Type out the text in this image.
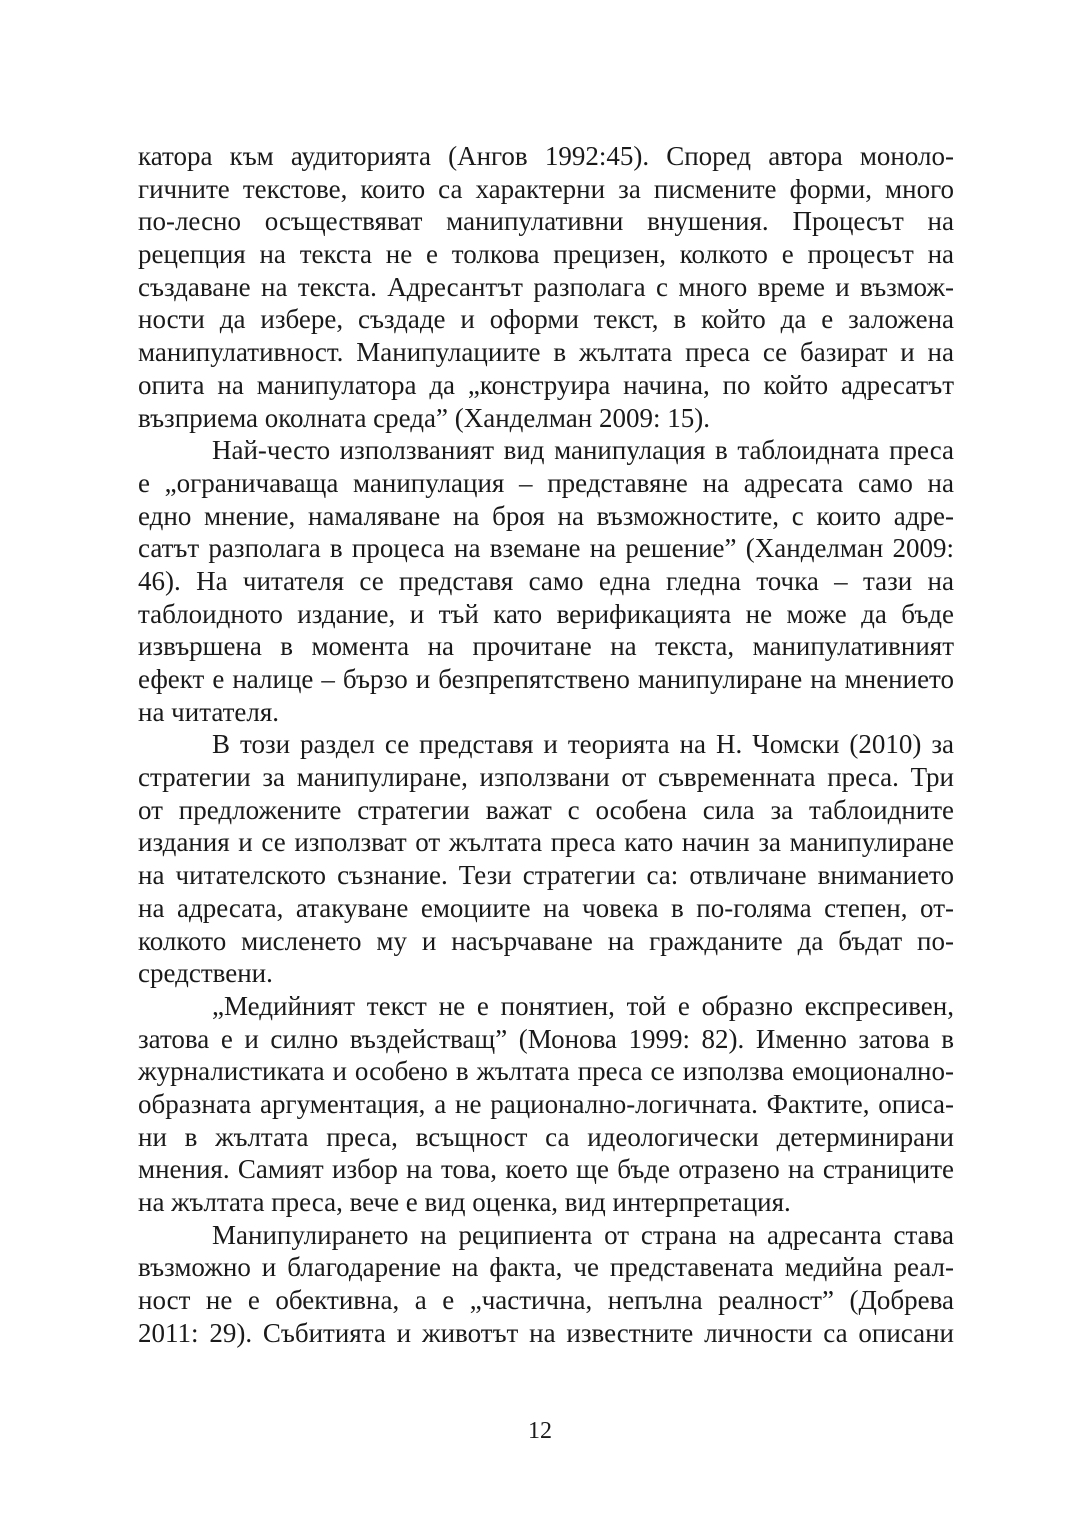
катора към аудиторията (Ангов 1992:45). Според автора моноло-
гичните текстове, които са характерни за писмените форми, много
по-лесно осъществяват манипулативни внушения. Процесът на
рецепция на текста не е толкова прецизен, колкото е процесът на
създаване на текста. Адресантът разполага с много време и възмож-
ности да избере, създаде и оформи текст, в който да е заложена
манипулативност. Манипулациите в жълтата преса се базират и на
опита на манипулатора да „конструира начина, по който адресатът
възприема околната среда” (Ханделман 2009: 15).
Най-често използваният вид манипулация в таблоидната преса
е „ограничаваща манипулация – представяне на адресата само на
едно мнение, намаляване на броя на възможностите, с които адре-
сатът разполага в процеса на вземане на решение” (Ханделман 2009:
46). На читателя се представя само една гледна точка – тази на
таблоидното издание, и тъй като верификацията не може да бъде
извършена в момента на прочитане на текста, манипулативният
ефект е налице – бързо и безпрепятствено манипулиране на мнението
на читателя.
В този раздел се представя и теорията на Н. Чомски (2010) за
стратегии за манипулиране, използвани от съвременната преса. Три
от предложените стратегии важат с особена сила за таблоидните
издания и се използват от жълтата преса като начин за манипулиране
на читателското съзнание. Тези стратегии са: отвличане вниманието
на адресата, атакуване емоциите на човека в по-голяма степен, от-
колкото мисленето му и насърчаване на гражданите да бъдат по-
средствени.
„Медийният текст не е понятиен, той е образно експресивен,
затова е и силно въздействащ” (Монова 1999: 82). Именно затова в
журналистиката и особено в жълтата преса се използва емоционално-
образната аргументация, а не рационално-логичната. Фактите, описа-
ни в жълтата преса, всъщност са идеологически детерминирани
мнения. Самият избор на това, което ще бъде отразено на страниците
на жълтата преса, вече е вид оценка, вид интерпретация.
Манипулирането на реципиента от страна на адресанта става
възможно и благодарение на факта, че представената медийна реал-
ност не е обективна, а е „частична, непълна реалност” (Добрева
2011: 29). Събитията и животът на известните личности са описани
12
